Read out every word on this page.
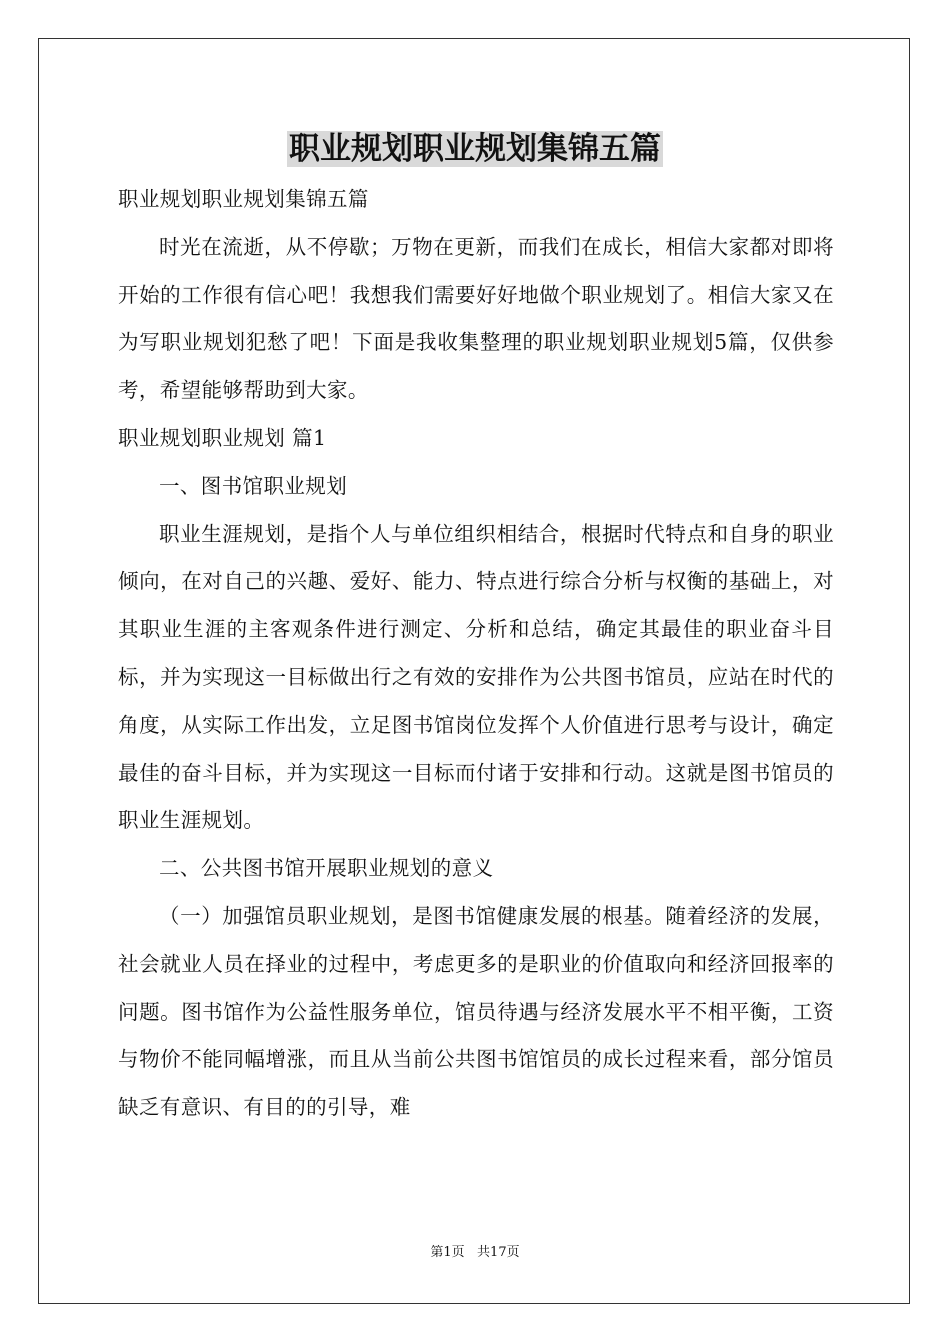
职业规划职业规划集锦五篇

职业规划职业规划集锦五篇

时光在流逝，从不停歇；万物在更新，而我们在成长，相信大家都对即将开始的工作很有信心吧！我想我们需要好好地做个职业规划了。相信大家又在为写职业规划犯愁了吧！下面是我收集整理的职业规划职业规划5篇，仅供参考，希望能够帮助到大家。

职业规划职业规划 篇1

一、图书馆职业规划

职业生涯规划，是指个人与单位组织相结合，根据时代特点和自身的职业倾向，在对自己的兴趣、爱好、能力、特点进行综合分析与权衡的基础上，对其职业生涯的主客观条件进行测定、分析和总结，确定其最佳的职业奋斗目标，并为实现这一目标做出行之有效的安排作为公共图书馆员，应站在时代的角度，从实际工作出发，立足图书馆岗位发挥个人价值进行思考与设计，确定最佳的奋斗目标，并为实现这一目标而付诸于安排和行动。这就是图书馆员的职业生涯规划。

二、公共图书馆开展职业规划的意义

（一）加强馆员职业规划，是图书馆健康发展的根基。随着经济的发展，社会就业人员在择业的过程中，考虑更多的是职业的价值取向和经济回报率的问题。图书馆作为公益性服务单位，馆员待遇与经济发展水平不相平衡，工资与物价不能同幅增涨，而且从当前公共图书馆馆员的成长过程来看，部分馆员缺乏有意识、有目的的引导，难

第1页   共17页
